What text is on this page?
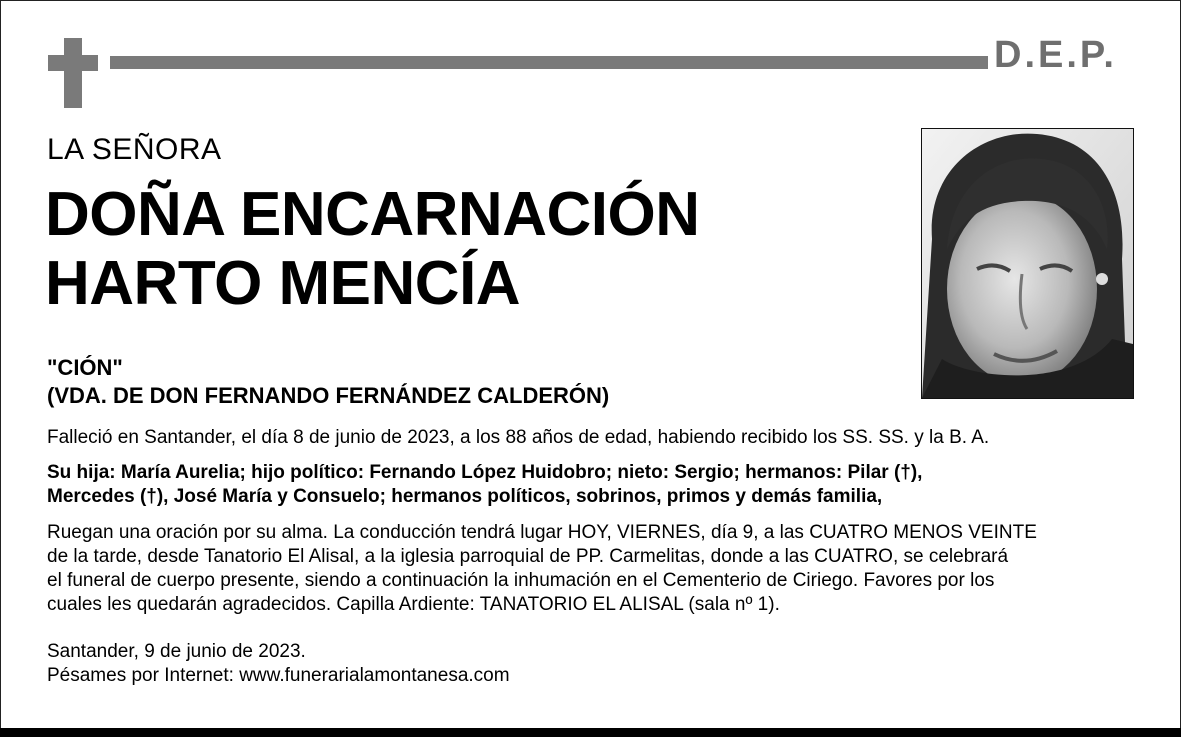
D.E.P.
LA SEÑORA
DOÑA ENCARNACIÓN
HARTO MENCÍA
"CIÓN"
(VDA. DE DON FERNANDO FERNÁNDEZ CALDERÓN)
Falleció en Santander, el día 8 de junio de 2023, a los 88 años de edad, habiendo recibido los SS. SS. y la B. A.
Su hija: María Aurelia; hijo político: Fernando López Huidobro; nieto: Sergio; hermanos: Pilar (†),
Mercedes (†), José María y Consuelo; hermanos políticos, sobrinos, primos y demás familia,
Ruegan una oración por su alma. La conducción tendrá lugar HOY, VIERNES, día 9, a las CUATRO MENOS VEINTE
de la tarde, desde Tanatorio El Alisal, a la iglesia parroquial de PP. Carmelitas, donde a las CUATRO, se celebrará
el funeral de cuerpo presente, siendo a continuación la inhumación en el Cementerio de Ciriego. Favores por los
cuales les quedarán agradecidos. Capilla Ardiente: TANATORIO EL ALISAL (sala nº 1).
Santander, 9 de junio de 2023.
Pésames por Internet: www.funerarialamontanesa.com
